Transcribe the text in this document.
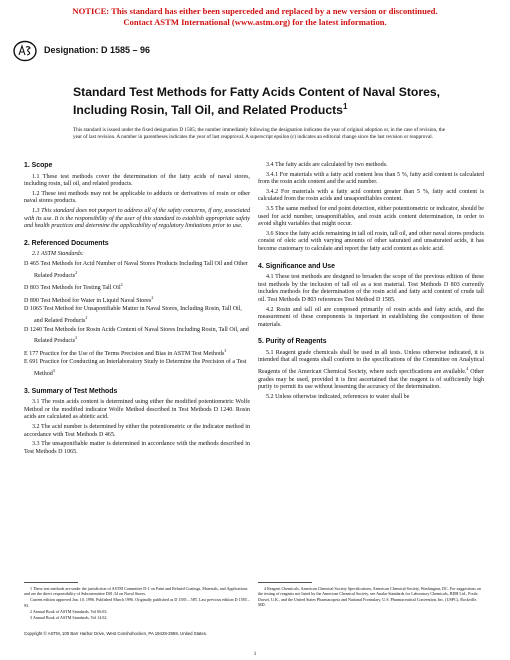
NOTICE: This standard has either been superceded and replaced by a new version or discontinued.
Contact ASTM International (www.astm.org) for the latest information.
Designation: D 1585 – 96
Standard Test Methods for Fatty Acids Content of Naval Stores, Including Rosin, Tall Oil, and Related Products$^1$
This standard is issued under the fixed designation D 1585; the number immediately following the designation indicates the year of original adoption or, in the case of revision, the year of last revision. A number in parentheses indicates the year of last reapproval. A superscript epsilon (ε) indicates an editorial change since the last revision or reapproval.
1. Scope

1.1 These test methods cover the determination of the fatty acids of naval stores, including rosin, tall oil, and related products.

1.2 These test methods may not be applicable to adducts or derivatives of rosin or other naval stores products.

1.3 This standard does not purport to address all of the safety concerns, if any, associated with its use. It is the responsibility of the user of this standard to establish appropriate safety and health practices and determine the applicability of regulatory limitations prior to use.

2. Referenced Documents

2.1 ASTM Standards:

D 465 Test Methods for Acid Number of Naval Stores Products Including Tall Oil and Other Related Products$^2$
D 803 Test Methods for Testing Tall Oil$^2$
D 890 Test Method for Water in Liquid Naval Stores$^2$
D 1065 Test Method for Unsaponifiable Matter in Naval Stores, Including Rosin, Tall Oil, and Related Products$^2$
D 1240 Test Methods for Rosin Acids Content of Naval Stores Including Rosin, Tall Oil, and Related Products$^2$
E 177 Practice for the Use of the Terms Precision and Bias in ASTM Test Methods$^3$
E 691 Practice for Conducting an Interlaboratory Study to Determine the Precision of a Test Method$^3$
3. Summary of Test Methods

3.1 The rosin acids content is determined using either the modified potentiometric Wolfe Method or the modified indicator Wolfe Method described in Test Methods D 1240. Rosin acids are calculated as abietic acid.

3.2 The acid number is determined by either the potentiometric or the indicator method in accordance with Test Methods D 465.

3.3 The unsaponifiable matter is determined in accordance with the methods described in Test Methods D 1065.

3.4 The fatty acids are calculated by two methods.

3.4.1 For materials with a fatty acid content less than 5 %, fatty acid content is calculated from the rosin acids content and the acid number.

3.4.2 For materials with a fatty acid content greater than 5 %, fatty acid content is calculated from the rosin acids and unsaponifiables content.

3.5 The same method for end point detection, either potentiometric or indicator, should be used for acid number, unsaponifiables, and rosin acids content determination, in order to avoid slight variables that might occur.

3.6 Since the fatty acids remaining in tall oil rosin, tall oil, and other naval stores products consist of oleic acid with varying amounts of other saturated and unsaturated acids, it has become customary to calculate and report the fatty acid content as oleic acid.

4. Significance and Use

4.1 These test methods are designed to broaden the scope of the previous edition of these test methods by the inclusion of tall oil as a test material. Test Methods D 803 currently includes methods for the determination of the rosin acid and fatty acid content of crude tall oil. Test Methods D 803 references Test Method D 1585.

4.2 Rosin and tall oil are composed primarily of rosin acids and fatty acids, and the measurement of these components is important in establishing the composition of these materials.

5. Purity of Reagents

5.1 Reagent grade chemicals shall be used in all tests. Unless otherwise indicated, it is intended that all reagents shall conform to the specifications of the Committee on Analytical Reagents of the American Chemical Society, where such specifications are available.$^4$ Other grades may be used, provided it is first ascertained that the reagent is of sufficiently high purity to permit its use without lessening the accuracy of the determination.

5.2 Unless otherwise indicated, references to water shall be

1 These test methods are under the jurisdiction of ASTM Committee D-1 on Paint and Related Coatings, Materials, and Applications and are the direct responsibility of Subcommittee D01.34 on Naval Stores.

Current edition approved Jan. 10, 1996. Published March 1996. Originally published as D 1585 – 58T. Last previous edition D 1585 – 93.

2 Annual Book of ASTM Standards, Vol 06.03.

3 Annual Book of ASTM Standards, Vol 14.02.

4 Reagent Chemicals, American Chemical Society Specifications, American Chemical Society, Washington, DC. For suggestions on the testing of reagents not listed by the American Chemical Society, see Analar Standards for Laboratory Chemicals, BDH Ltd., Poole, Dorset, U.K., and the United States Pharmacopeia and National Formulary, U.S. Pharmaceutical Convention, Inc. (USPC), Rockville, MD.

Copyright © ASTM, 100 Barr Harbor Drive, West Conshohocken, PA 19428-2959, United States.
1
